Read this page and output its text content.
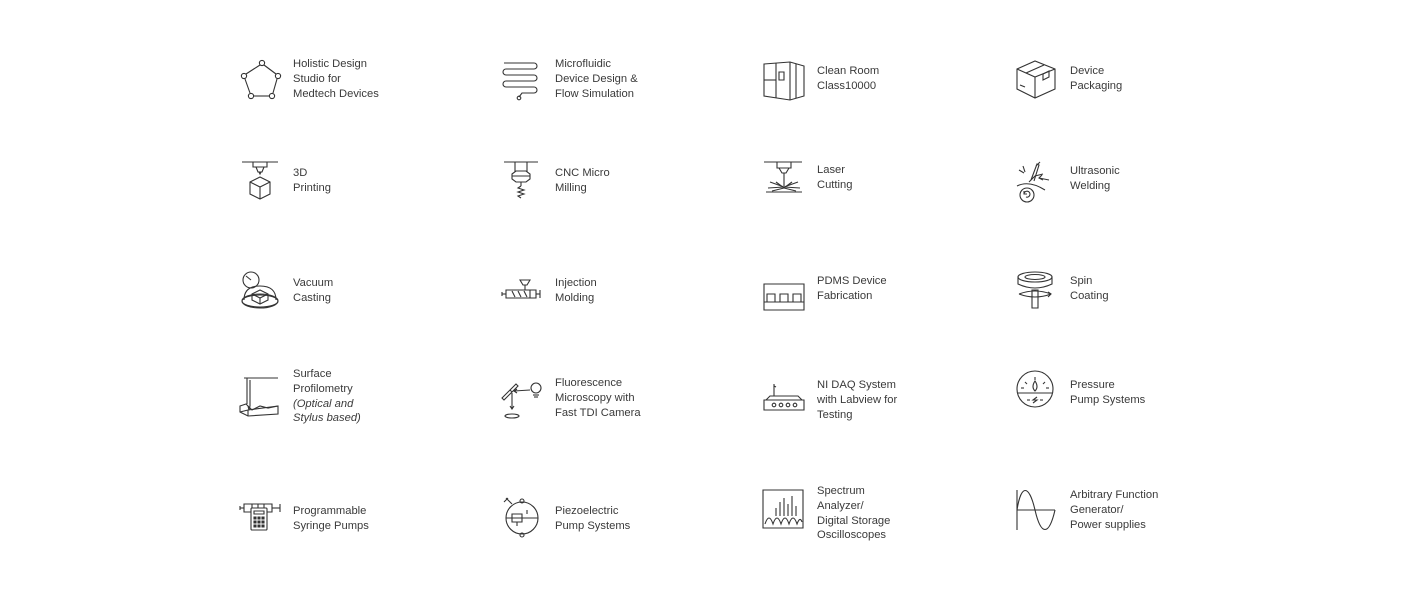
Holistic Design
Studio for
Medtech Devices
Microfluidic
Device Design &
Flow Simulation
Clean Room
Class10000
Device
Packaging
3D
Printing
CNC Micro
Milling
Laser
Cutting
Ultrasonic
Welding
Vacuum
Casting
Injection
Molding
PDMS Device
Fabrication
Spin
Coating
Surface
Profilometry
(Optical and
Stylus based)
Fluorescence
Microscopy with
Fast TDI Camera
NI DAQ System
with Labview for
Testing
Pressure
Pump Systems
Programmable
Syringe Pumps
Piezoelectric
Pump Systems
Spectrum
Analyzer/
Digital Storage
Oscilloscopes
Arbitrary Function
Generator/
Power supplies
